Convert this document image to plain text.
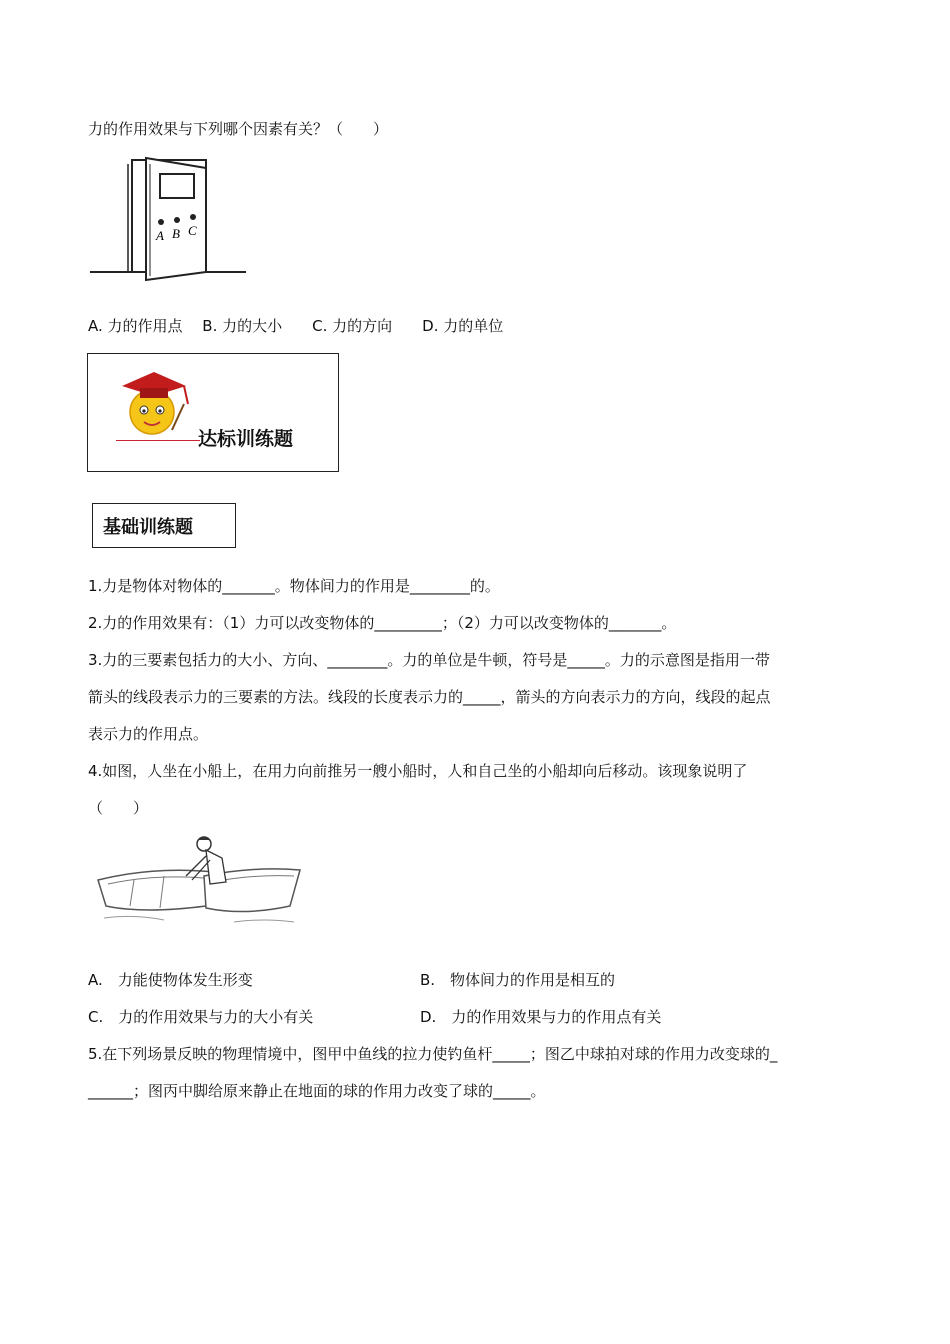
力的作用效果与下列哪个因素有关？（　　）
A B C
A. 力的作用点　 B. 力的大小　　C. 力的方向　　D. 力的单位
达标训练题
基础训练题
1.力是物体对物体的_______。物体间力的作用是________的。
2.力的作用效果有：（1）力可以改变物体的_________；（2）力可以改变物体的_______。
3.力的三要素包括力的大小、方向、________。力的单位是牛顿，符号是_____。力的示意图是指用一带
箭头的线段表示力的三要素的方法。线段的长度表示力的_____，箭头的方向表示力的方向，线段的起点
表示力的作用点。
4.如图，人坐在小船上，在用力向前推另一艘小船时，人和自己坐的小船却向后移动。该现象说明了
（　　）
A.　力能使物体发生形变	B.　物体间力的作用是相互的
C.　力的作用效果与力的大小有关	D.　力的作用效果与力的作用点有关
5.在下列场景反映的物理情境中，图甲中鱼线的拉力使钓鱼杆_____；图乙中球拍对球的作用力改变球的_
______；图丙中脚给原来静止在地面的球的作用力改变了球的_____。
